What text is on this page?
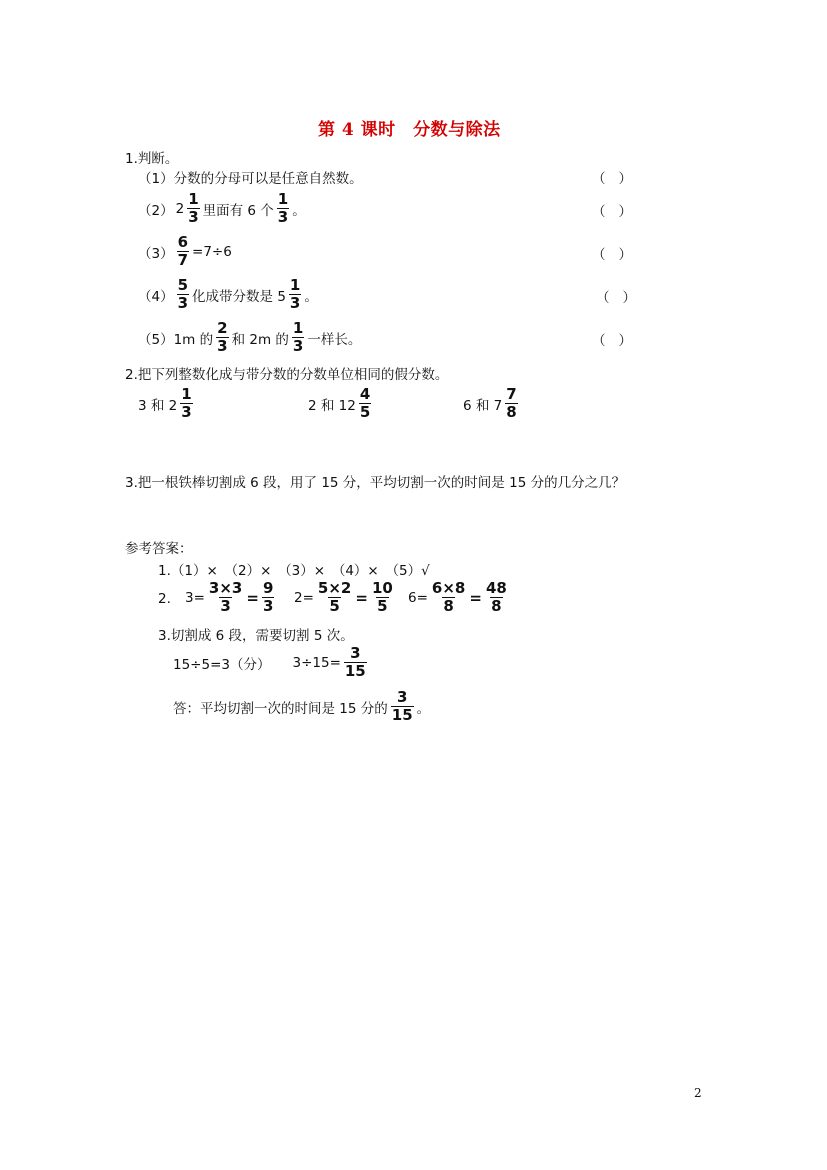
第 4 课时　分数与除法
1.判断。
（1）分数的分母可以是任意自然数。	（ ）
（2） $2 \frac{1}{3}$ 里面有 6 个 $\frac{1}{3}$ 。	（ ）
$(3) \frac{6}{7} =7\div 6$	（ ）
$(4) \frac{5}{3}$ 化成带分数是 $5 \frac{1}{3}$ 。	（ ）
（5）1m 的 $\frac{2}{3}$ 和 2m 的 $\frac{1}{3}$ 一样长。	（ ）
2.把下列整数化成与带分数的分数单位相同的假分数。
3 和 $2 \frac{1}{3}$	2 和 $12 \frac{4}{5}$	6 和 $7 \frac{7}{8}$
3.把一根铁棒切割成 6 段，用了 15 分，平均切割一次的时间是 15 分的几分之几？
参考答案：
1.（1）×　（2）×　（3）×　（4）×　（5）√
2. $3= \frac{3\times 3}{3} = \frac{9}{3} 2= \frac{5\times 2}{5} = \frac{10}{5} 6= \frac{6\times 8}{8} = \frac{48}{8}$
3.切割成 6 段，需要切割 5 次。
15÷5=3（分） $3\div 15= \frac{3}{15}$
答：平均切割一次的时间是 15 分的 $\frac{3}{15}$ 。
2
